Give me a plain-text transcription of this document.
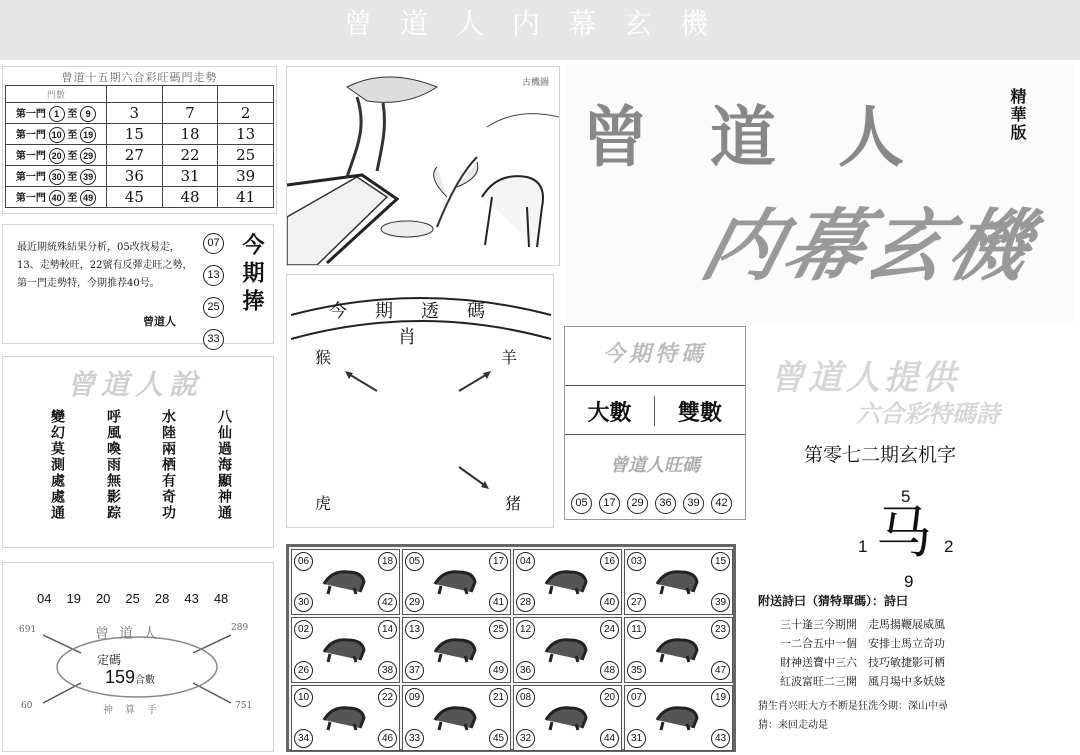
曾道人内幕玄機
曾道十五期六合彩旺碼門走勢
門數			
第一門 1 至 9	3	7	2
第一門 10 至 19	15	18	13
第一門 20 至 29	27	22	25
第一門 30 至 39	36	31	39
第一門 40 至 49	45	48	41
最近期統殊結果分析，05改找易走，13、走勢較旺，22號有反彈走旺之勢，第一門走勢特，今期推荐40号。
曾道人
07 13 25 33
今期捧
曾道人說
變幻莫測處處通	呼風喚雨無影踪	水陸兩栖有奇功	八仙過海顯神通
04 19 20 25 28 43 48
曾道人
定碼
159合數
691	289
60	751
神算手
古機圖
曾道人	精華版
内幕玄機
今期透碼肖
猴	羊
虎	猪
今期特碼
大數	雙數
曾道人旺碼
05	17	29	36	39	42
曾道人提供
六合彩特碼詩
第零七二期玄机字
5
1 马 2
9
06	18
30	42
05	17
29	41
04	16
28	40
03	15
27	39
02	14
26	38
13	25
37	49
12	24
36	48
11	23
35	47
10	22
34	46
09	21
33	45
08	20
32	44
07	19
31	43
附送詩曰（猜特單碼）：詩曰
三十逢三今期開　走馬揚鞭展威風
一二合五中一個　安排士馬立奇功
財神送寶中三六　技巧敏捷影可栖
紅波富旺二三開　風月場中多妖娆
猜生肖兴旺大方不断是狂洗今期：深山中尋
猜：来回走动是
